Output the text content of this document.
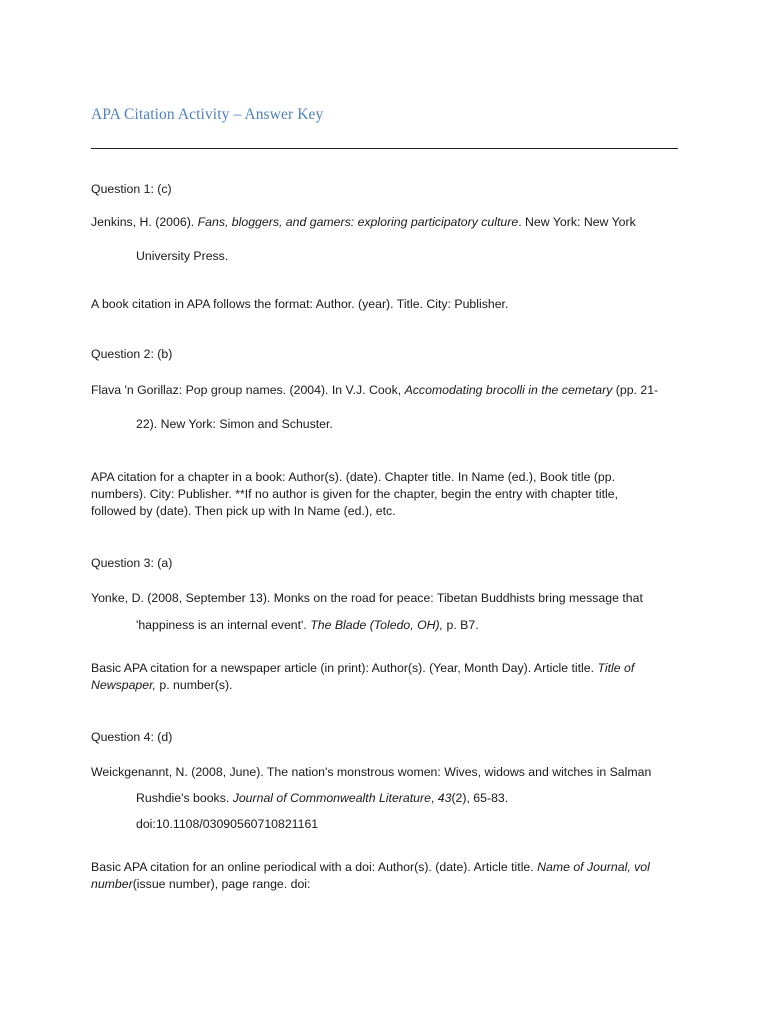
APA Citation Activity – Answer Key
Question 1: (c)
Jenkins, H. (2006). Fans, bloggers, and gamers: exploring participatory culture. New York: New York
University Press.
A book citation in APA follows the format: Author. (year). Title. City: Publisher.
Question 2: (b)
Flava 'n Gorillaz: Pop group names. (2004). In V.J. Cook, Accomodating brocolli in the cemetary (pp. 21-
22). New York: Simon and Schuster.
APA citation for a chapter in a book: Author(s). (date). Chapter title. In Name (ed.), Book title (pp.
numbers). City: Publisher. **If no author is given for the chapter, begin the entry with chapter title,
followed by (date). Then pick up with In Name (ed.), etc.
Question 3: (a)
Yonke, D. (2008, September 13). Monks on the road for peace: Tibetan Buddhists bring message that
'happiness is an internal event'. The Blade (Toledo, OH), p. B7.
Basic APA citation for a newspaper article (in print): Author(s). (Year, Month Day). Article title. Title of
Newspaper, p. number(s).
Question 4: (d)
Weickgenannt, N. (2008, June). The nation's monstrous women: Wives, widows and witches in Salman
Rushdie's books. Journal of Commonwealth Literature, 43(2), 65-83.
doi:10.1108/03090560710821161
Basic APA citation for an online periodical with a doi: Author(s). (date). Article title. Name of Journal, vol
number(issue number), page range. doi:
